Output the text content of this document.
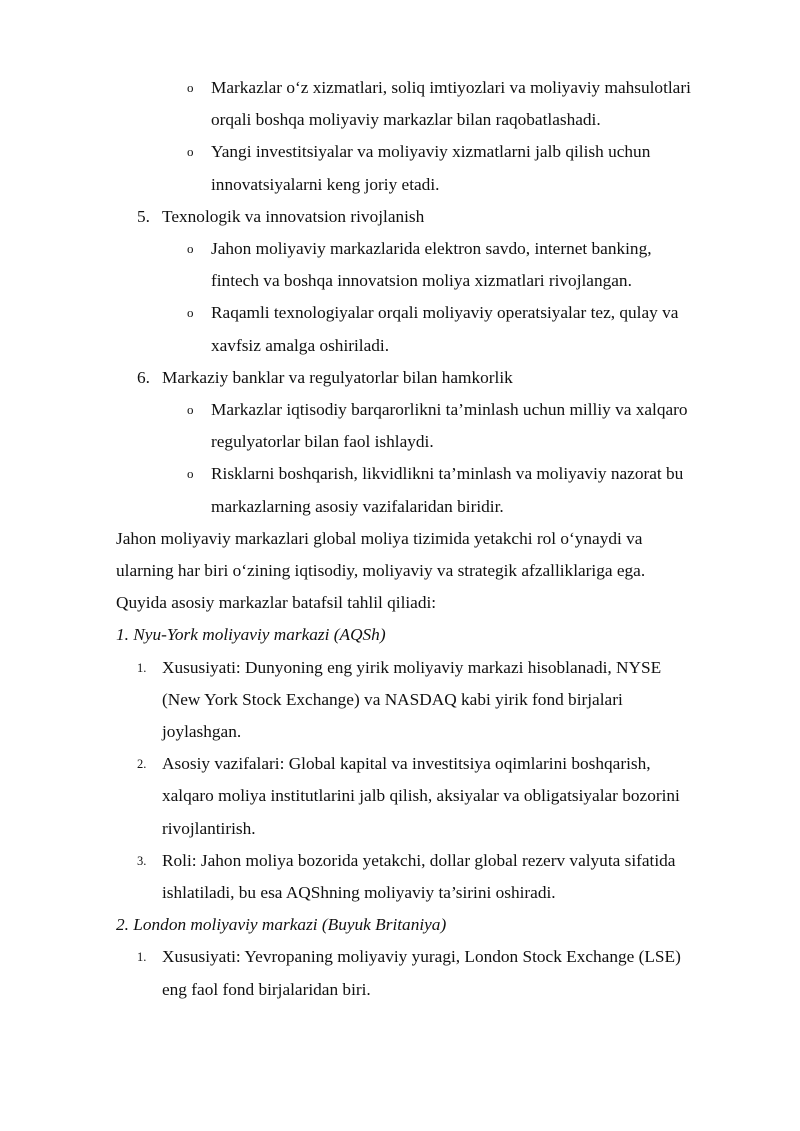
o Markazlar o‘z xizmatlari, soliq imtiyozlari va moliyaviy mahsulotlari
orqali boshqa moliyaviy markazlar bilan raqobatlashadi.
o Yangi investitsiyalar va moliyaviy xizmatlarni jalb qilish uchun
innovatsiyalarni keng joriy etadi.
5. Texnologik va innovatsion rivojlanish
o Jahon moliyaviy markazlarida elektron savdo, internet banking,
fintech va boshqa innovatsion moliya xizmatlari rivojlangan.
o Raqamli texnologiyalar orqali moliyaviy operatsiyalar tez, qulay va
xavfsiz amalga oshiriladi.
6. Markaziy banklar va regulyatorlar bilan hamkorlik
o Markazlar iqtisodiy barqarorlikni ta’minlash uchun milliy va xalqaro
regulyatorlar bilan faol ishlaydi.
o Risklarni boshqarish, likvidlikni ta’minlash va moliyaviy nazorat bu
markazlarning asosiy vazifalaridan biridir.
Jahon moliyaviy markazlari global moliya tizimida yetakchi rol o‘ynaydi va
ularning har biri o‘zining iqtisodiy, moliyaviy va strategik afzalliklariga ega.
Quyida asosiy markazlar batafsil tahlil qiliadi:
1. Nyu-York moliyaviy markazi (AQSh)
1. Xususiyati: Dunyoning eng yirik moliyaviy markazi hisoblanadi, NYSE
(New York Stock Exchange) va NASDAQ kabi yirik fond birjalari
joylashgan.
2. Asosiy vazifalari: Global kapital va investitsiya oqimlarini boshqarish,
xalqaro moliya institutlarini jalb qilish, aksiyalar va obligatsiyalar bozorini
rivojlantirish.
3. Roli: Jahon moliya bozorida yetakchi, dollar global rezerv valyuta sifatida
ishlatiladi, bu esa AQShning moliyaviy ta’sirini oshiradi.
2. London moliyaviy markazi (Buyuk Britaniya)
1. Xususiyati: Yevropaning moliyaviy yuragi, London Stock Exchange (LSE)
eng faol fond birjalaridan biri.
